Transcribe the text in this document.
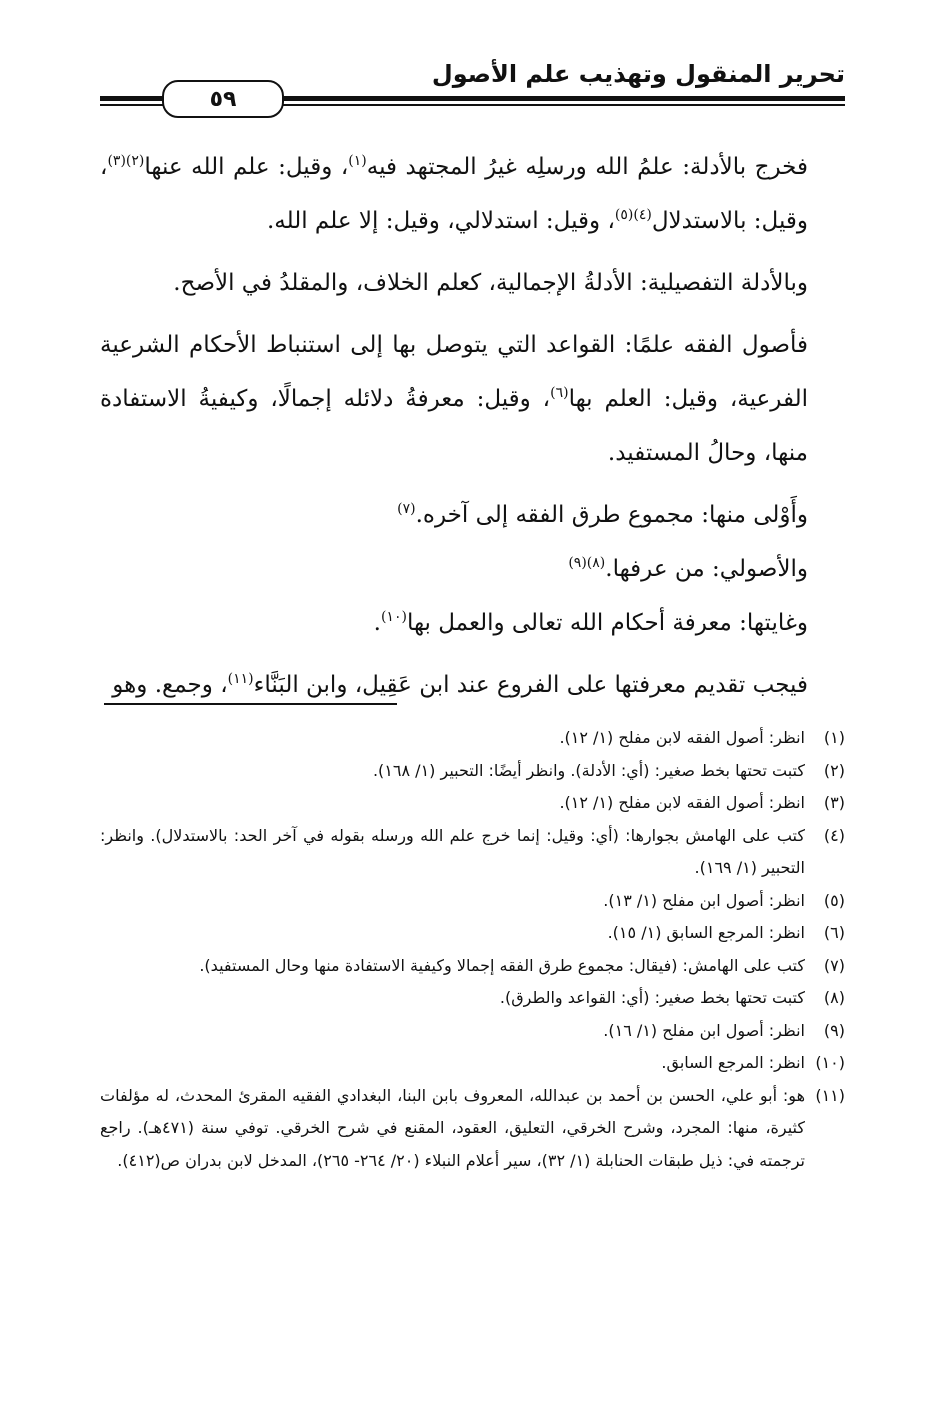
تحرير المنقول وتهذيب علم الأصول
٥٩

فخرج بالأدلة: علمُ الله ورسلِه غيرُ المجتهد فيه$^{(١)}$، وقيل: علم الله عنها$^{(٢)(٣)}$، وقيل: بالاستدلال$^{(٤)(٥)}$، وقيل: استدلالي، وقيل: إلا علم الله.

وبالأدلة التفصيلية: الأدلةُ الإجمالية، كعلم الخلاف، والمقلدُ في الأصح.

فأصول الفقه علمًا: القواعد التي يتوصل بها إلى استنباط الأحكام الشرعية الفرعية، وقيل: العلم بها$^{(٦)}$، وقيل: معرفةُ دلائله إجمالًا، وكيفيةُ الاستفادة منها، وحالُ المستفيد.

وأَوْلى منها: مجموع طرق الفقه إلى آخره.$^{(٧)}$

والأصولي: من عرفها.$^{(٨)(٩)}$

وغايتها: معرفة أحكام الله تعالى والعمل بها$^{(١٠)}$.

فيجب تقديم معرفتها على الفروع عند ابن عَقِيل، وابن البَنَّاء$^{(١١)}$، وجمع. وهو

(١)
انظر: أصول الفقه لابن مفلح (١/ ١٢).
(٢)
كتبت تحتها بخط صغير: (أي: الأدلة). وانظر أيضًا: التحبير (١/ ١٦٨).
(٣)
انظر: أصول الفقه لابن مفلح (١/ ١٢).
(٤)
كتب على الهامش بجوارها: (أي: وقيل: إنما خرج علم الله ورسله بقوله في آخر الحد: بالاستدلال). وانظر: التحبير (١/ ١٦٩).
(٥)
انظر: أصول ابن مفلح (١/ ١٣).
(٦)
انظر: المرجع السابق (١/ ١٥).
(٧)
كتب على الهامش: (فيقال: مجموع طرق الفقه إجمالا وكيفية الاستفادة منها وحال المستفيد).
(٨)
كتبت تحتها بخط صغير: (أي: القواعد والطرق).
(٩)
انظر: أصول ابن مفلح (١/ ١٦).
(١٠)
انظر: المرجع السابق.
(١١)
هو: أبو علي، الحسن بن أحمد بن عبدالله، المعروف بابن البنا، البغدادي الفقيه المقرئ المحدث، له مؤلفات كثيرة، منها: المجرد، وشرح الخرقي، التعليق، العقود، المقنع في شرح الخرقي. توفي سنة (٤٧١هـ). راجع ترجمته في: ذيل طبقات الحنابلة (١/ ٣٢)، سير أعلام النبلاء (٢٠/ ٢٦٤- ٢٦٥)، المدخل لابن بدران ص(٤١٢).
